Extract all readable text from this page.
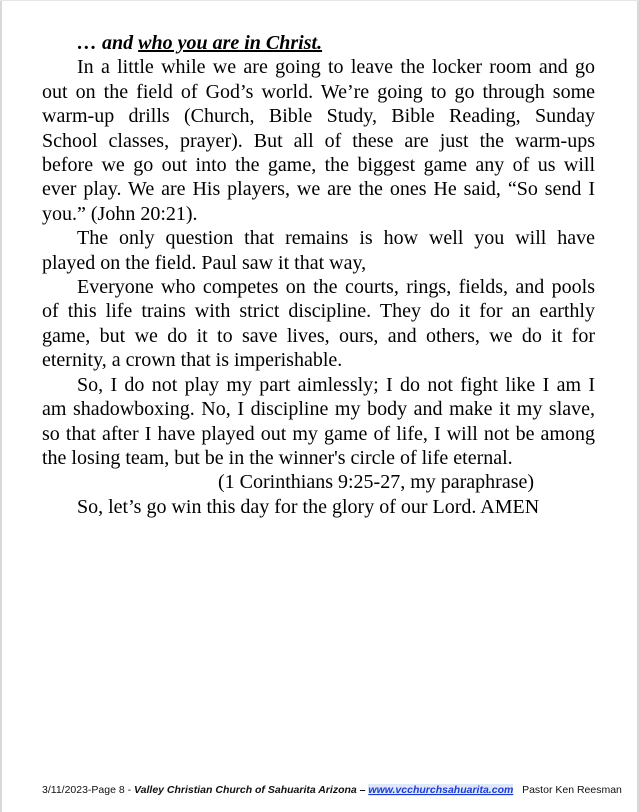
… and who you are in Christ.
In a little while we are going to leave the locker room and go
out on the field of God’s world. We’re going to go through some
warm-up drills (Church, Bible Study, Bible Reading, Sunday
School classes, prayer). But all of these are just the warm-ups
before we go out into the game, the biggest game any of us will
ever play. We are His players, we are the ones He said, “So send I
you.” (John 20:21).
The only question that remains is how well you will have
played on the field. Paul saw it that way,
Everyone who competes on the courts, rings, fields, and pools
of this life trains with strict discipline. They do it for an earthly
game, but we do it to save lives, ours, and others, we do it for
eternity, a crown that is imperishable.
So, I do not play my part aimlessly; I do not fight like I am I
am shadowboxing. No, I discipline my body and make it my slave,
so that after I have played out my game of life, I will not be among
the losing team, but be in the winner's circle of life eternal.
(1 Corinthians 9:25-27, my paraphrase)
So, let’s go win this day for the glory of our Lord. AMEN
3/11/2023-Page 8 - Valley Christian Church of Sahuarita Arizona – www.vcchurchsahuarita.com Pastor Ken Reesman
